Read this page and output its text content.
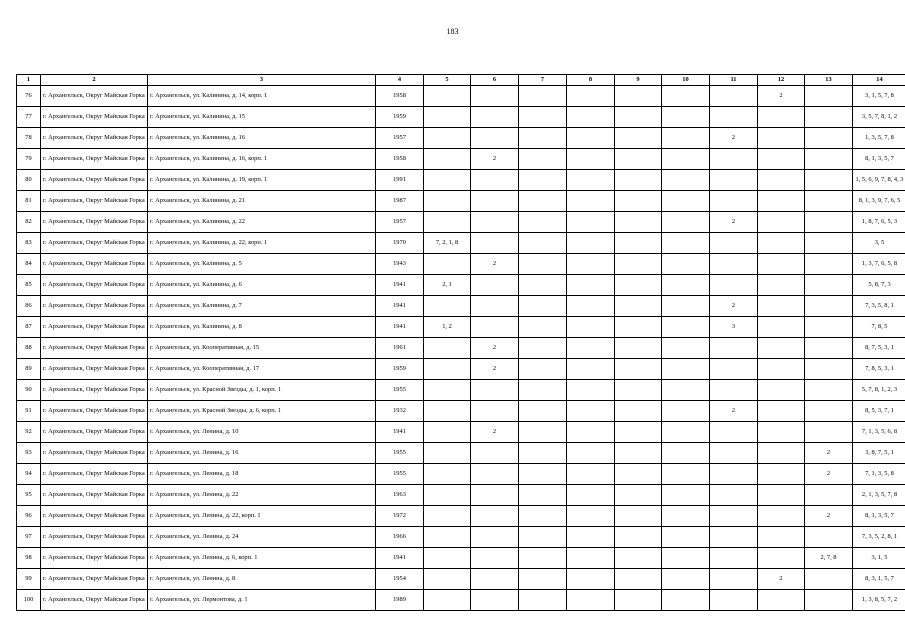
183
1	2	3	4	5	6	7	8	9	10	11	12	13	14
76	г. Архангельск, Округ Майская Горка	г. Архангельск, ул. Калинина, д. 14, корп. 1	1958								2		3, 1, 5, 7, 8
77	г. Архангельск, Округ Майская Горка	г. Архангельск, ул. Калинина, д. 15	1959										3, 5, 7, 8, 1, 2
78	г. Архангельск, Округ Майская Горка	г. Архангельск, ул. Калинина, д. 16	1957							2			1, 3, 5, 7, 8
79	г. Архангельск, Округ Майская Горка	г. Архангельск, ул. Калинина, д. 16, корп. 1	1958		2								8, 1, 3, 5, 7
80	г. Архангельск, Округ Майская Горка	г. Архангельск, ул. Калинина, д. 19, корп. 1	1991										1, 5, 6, 9, 7, 8, 4, 3
81	г. Архангельск, Округ Майская Горка	г. Архангельск, ул. Калинина, д. 21	1987										8, 1, 3, 9, 7, 6, 5
82	г. Архангельск, Округ Майская Горка	г. Архангельск, ул. Калинина, д. 22	1957							2			1, 8, 7, 6, 5, 3
83	г. Архангельск, Округ Майская Горка	г. Архангельск, ул. Калинина, д. 22, корп. 1	1970	7, 2, 1, 8									3, 5
84	г. Архангельск, Округ Майская Горка	г. Архангельск, ул. Калинина, д. 5	1943		2								1, 3, 7, 6, 5, 8
85	г. Архангельск, Округ Майская Горка	г. Архангельск, ул. Калинина, д. 6	1941	2, 1									5, 8, 7, 3
86	г. Архангельск, Округ Майская Горка	г. Архангельск, ул. Калинина, д. 7	1941							2			7, 3, 5, 8, 1
87	г. Архангельск, Округ Майская Горка	г. Архангельск, ул. Калинина, д. 8	1941	1, 2						3			7, 8, 5
88	г. Архангельск, Округ Майская Горка	г. Архангельск, ул. Кооперативная, д. 15	1961		2								8, 7, 5, 3, 1
89	г. Архангельск, Округ Майская Горка	г. Архангельск, ул. Кооперативная, д. 17	1959		2								7, 8, 5, 3, 1
90	г. Архангельск, Округ Майская Горка	г. Архангельск, ул. Красной Звезды, д. 1, корп. 1	1955										5, 7, 8, 1, 2, 3
91	г. Архангельск, Округ Майская Горка	г. Архангельск, ул. Красной Звезды, д. 6, корп. 1	1932							2			8, 5, 3, 7, 1
92	г. Архангельск, Округ Майская Горка	г. Архангельск, ул. Ленина, д. 10	1941		2								7, 1, 3, 5, 6, 8
93	г. Архангельск, Округ Майская Горка	г. Архангельск, ул. Ленина, д. 16	1955									2	3, 8, 7, 5, 1
94	г. Архангельск, Округ Майская Горка	г. Архангельск, ул. Ленина, д. 18	1955									2	7, 1, 3, 5, 8
95	г. Архангельск, Округ Майская Горка	г. Архангельск, ул. Ленина, д. 22	1963										2, 1, 3, 5, 7, 8
96	г. Архангельск, Округ Майская Горка	г. Архангельск, ул. Ленина, д. 22, корп. 1	1972									2	8, 1, 3, 5, 7
97	г. Архангельск, Округ Майская Горка	г. Архангельск, ул. Ленина, д. 24	1966										7, 3, 5, 2, 8, 1
98	г. Архангельск, Округ Майская Горка	г. Архангельск, ул. Ленина, д. 6, корп. 1	1941									2, 7, 8	3, 1, 5
99	г. Архангельск, Округ Майская Горка	г. Архангельск, ул. Ленина, д. 8	1954								2		8, 3, 1, 5, 7
100	г. Архангельск, Округ Майская Горка	г. Архангельск, ул. Лермонтова, д. 1	1989										1, 3, 8, 5, 7, 2
